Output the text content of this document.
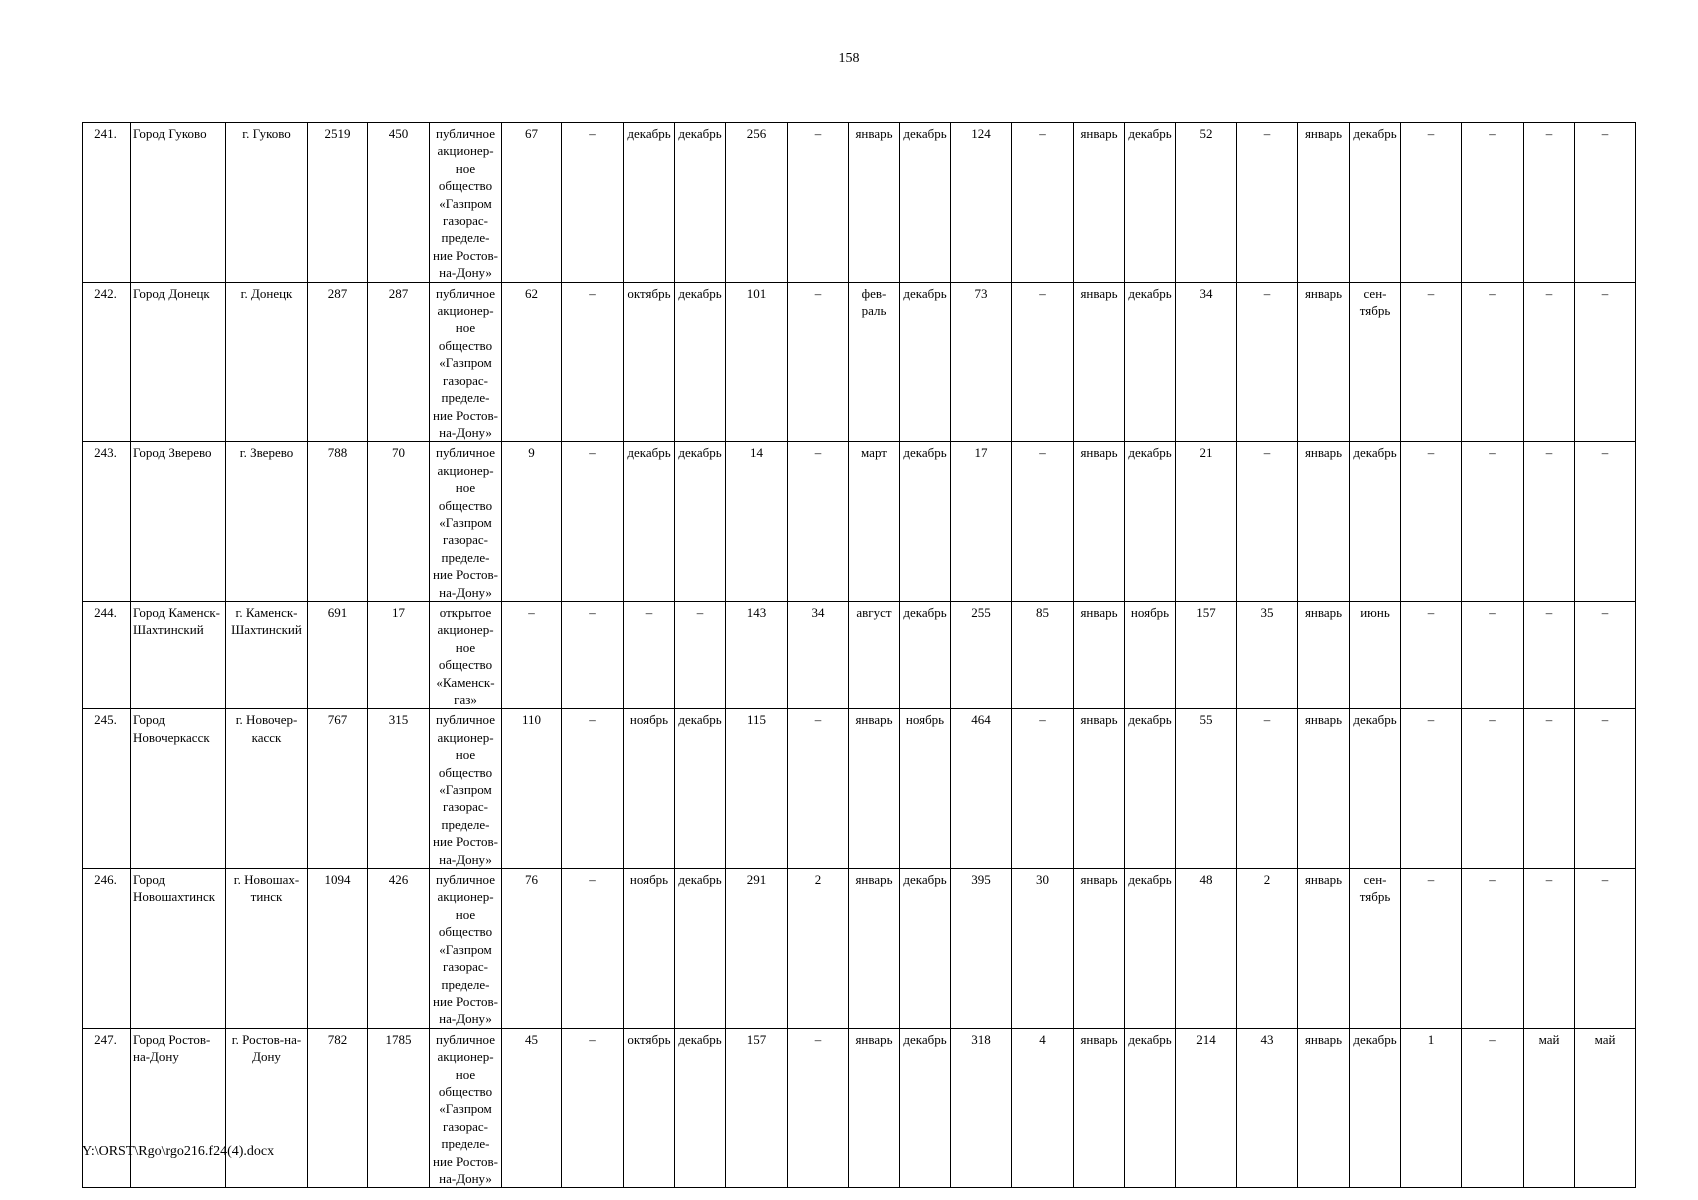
158
241.	Город Гуково	г. Гуково	2519	450	публичное акционер-ное общество «Газпром газорас-пределе-ние Ростов-на-Дону»	67	–	декабрь	декабрь	256	–	январь	декабрь	124	–	январь	декабрь	52	–	январь	декабрь	–	–	–	–
242.	Город Донецк	г. Донецк	287	287	публичное акционер-ное общество «Газпром газорас-пределе-ние Ростов-на-Дону»	62	–	октябрь	декабрь	101	–	фев-раль	декабрь	73	–	январь	декабрь	34	–	январь	сен-тябрь	–	–	–	–
243.	Город Зверево	г. Зверево	788	70	публичное акционер-ное общество «Газпром газорас-пределе-ние Ростов-на-Дону»	9	–	декабрь	декабрь	14	–	март	декабрь	17	–	январь	декабрь	21	–	январь	декабрь	–	–	–	–
244.	Город Каменск-Шахтинский	г. Каменск-Шахтинский	691	17	открытое акционер-ное общество «Каменск-газ»	–	–	–	–	143	34	август	декабрь	255	85	январь	ноябрь	157	35	январь	июнь	–	–	–	–
245.	Город Новочеркасск	г. Новочер-касск	767	315	публичное акционер-ное общество «Газпром газорас-пределе-ние Ростов-на-Дону»	110	–	ноябрь	декабрь	115	–	январь	ноябрь	464	–	январь	декабрь	55	–	январь	декабрь	–	–	–	–
246.	Город Новошахтинск	г. Новошах-тинск	1094	426	публичное акционер-ное общество «Газпром газорас-пределе-ние Ростов-на-Дону»	76	–	ноябрь	декабрь	291	2	январь	декабрь	395	30	январь	декабрь	48	2	январь	сен-тябрь	–	–	–	–
247.	Город Ростов-на-Дону	г. Ростов-на-Дону	782	1785	публичное акционер-ное общество «Газпром газорас-пределе-ние Ростов-на-Дону»	45	–	октябрь	декабрь	157	–	январь	декабрь	318	4	январь	декабрь	214	43	январь	декабрь	1	–	май	май
Y:\ORST\Rgo\rgo216.f24(4).docx
